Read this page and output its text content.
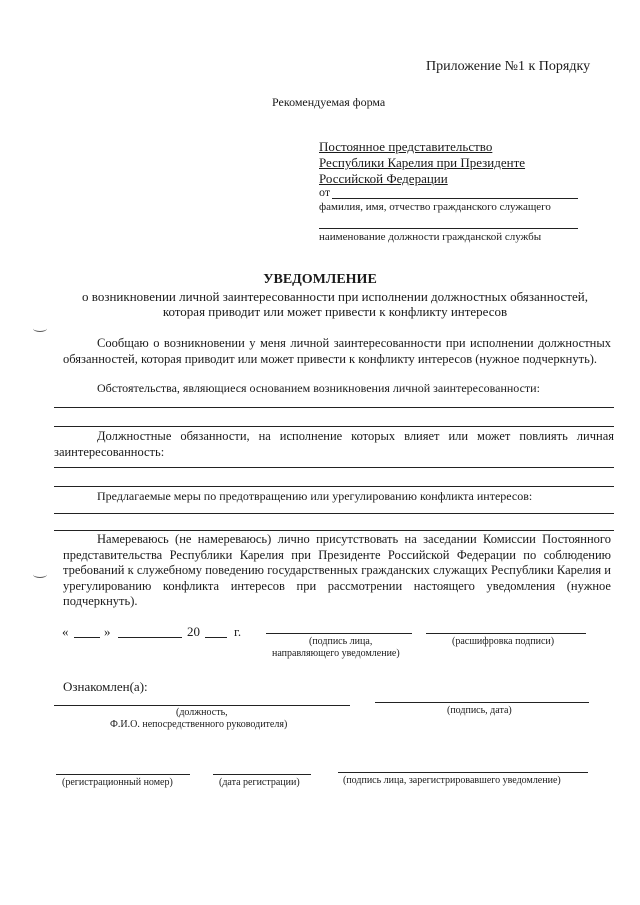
Приложение №1 к Порядку
Рекомендуемая форма
Постоянное представительство
Республики Карелия при Президенте
Российской Федерации
от
фамилия, имя, отчество гражданского служащего
наименование должности гражданской службы
УВЕДОМЛЕНИЕ
о возникновении личной заинтересованности при исполнении должностных обязанностей,
которая приводит или может привести к конфликту интересов
Сообщаю о возникновении у меня личной заинтересованности при исполнении должностных обязанностей, которая приводит или может привести к конфликту интересов (нужное подчеркнуть).
Обстоятельства, являющиеся основанием возникновения личной заинтересованности:
Должностные обязанности, на исполнение которых влияет или может повлиять личная заинтересованность:
Предлагаемые меры по предотвращению или урегулированию конфликта интересов:
Намереваюсь (не намереваюсь) лично присутствовать на заседании Комиссии Постоянного представительства Республики Карелия при Президенте Российской Федерации по соблюдению требований к служебному поведению государственных гражданских служащих Республики Карелия и урегулированию конфликта интересов при рассмотрении настоящего уведомления (нужное подчеркнуть).
«	»	20	г.
(подпись лица,
направляющего уведомление)
(расшифровка подписи)
Ознакомлен(а):
(должность,
Ф.И.О. непосредственного руководителя)
(подпись, дата)
(регистрационный номер)	(дата регистрации)	(подпись лица, зарегистрировавшего уведомление)
